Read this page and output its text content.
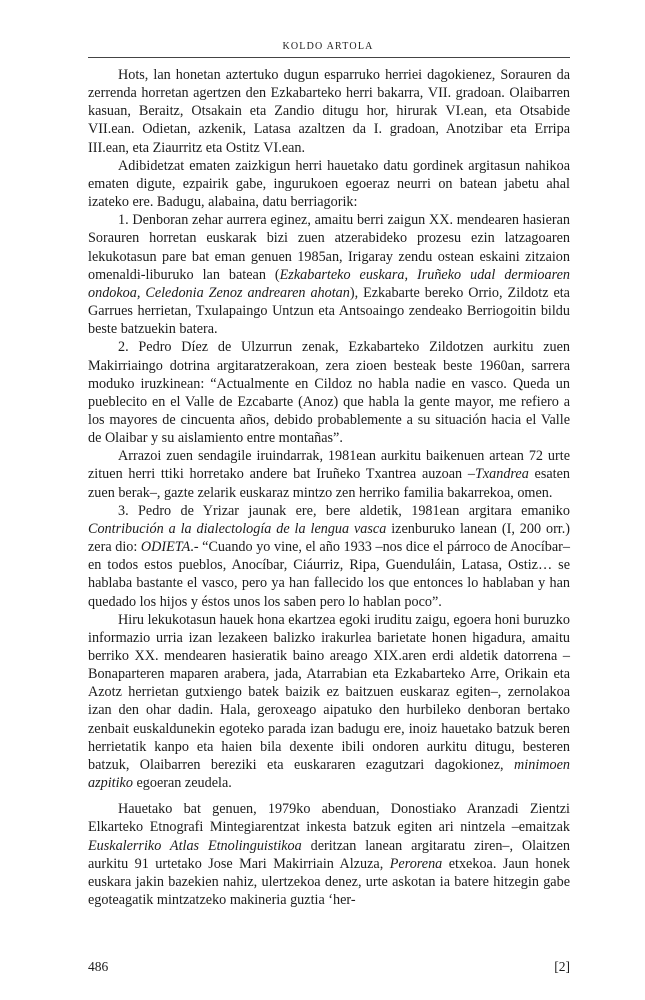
KOLDO ARTOLA

Hots, lan honetan aztertuko dugun esparruko herriei dagokienez, Sorauren da zerrenda horretan agertzen den Ezkabarteko herri bakarra, VII. gradoan. Olaibarren kasuan, Beraitz, Otsakain eta Zandio ditugu hor, hirurak VI.ean, eta Otsabide VII.ean. Odietan, azkenik, Latasa azaltzen da I. gradoan, Anotzibar eta Erripa III.ean, eta Ziaurritz eta Ostitz VI.ean.

Adibidetzat ematen zaizkigun herri hauetako datu gordinek argitasun nahikoa ematen digute, ezpairik gabe, ingurukoen egoeraz neurri on batean jabetu ahal izateko ere. Badugu, alabaina, datu berriagorik:

1. Denboran zehar aurrera eginez, amaitu berri zaigun XX. mendearen hasieran Sorauren horretan euskarak bizi zuen atzerabideko prozesu ezin latzagoaren lekukotasun pare bat eman genuen 1985an, Irigaray zendu ostean eskaini zitzaion omenaldi-liburuko lan batean (Ezkabarteko euskara, Iruñeko udal dermioaren ondokoa, Celedonia Zenoz andrearen ahotan), Ezkabarte bereko Orrio, Zildotz eta Garrues herrietan, Txulapaingo Untzun eta Antsoaingo zendeako Berriogoitin bildu beste batzuekin batera.

2. Pedro Díez de Ulzurrun zenak, Ezkabarteko Zildotzen aurkitu zuen Makirriaingo dotrina argitaratzerakoan, zera zioen besteak beste 1960an, sarrera moduko iruzkinean: “Actualmente en Cildoz no habla nadie en vasco. Queda un pueblecito en el Valle de Ezcabarte (Anoz) que habla la gente mayor, me refiero a los mayores de cincuenta años, debido probablemente a su situación hacia el Valle de Olaibar y su aislamiento entre montañas”.

Arrazoi zuen sendagile iruindarrak, 1981ean aurkitu baikenuen artean 72 urte zituen herri ttiki horretako andere bat Iruñeko Txantrea auzoan –Txandrea esaten zuen berak–, gazte zelarik euskaraz mintzo zen herriko familia bakarrekoa, omen.

3. Pedro de Yrizar jaunak ere, bere aldetik, 1981ean argitara emaniko Contribución a la dialectología de la lengua vasca izenburuko lanean (I, 200 orr.) zera dio: ODIETA.- “Cuando yo vine, el año 1933 –nos dice el párroco de Anocíbar– en todos estos pueblos, Anocíbar, Ciáurriz, Ripa, Guenduláin, Latasa, Ostiz… se hablaba bastante el vasco, pero ya han fallecido los que entonces lo hablaban y han quedado los hijos y éstos unos los saben pero lo hablan poco”.

Hiru lekukotasun hauek hona ekartzea egoki iruditu zaigu, egoera honi buruzko informazio urria izan lezakeen balizko irakurlea barietate honen higadura, amaitu berriko XX. mendearen hasieratik baino areago XIX.aren erdi aldetik datorrena –Bonaparteren maparen arabera, jada, Atarrabian eta Ezkabarteko Arre, Orikain eta Azotz herrietan gutxiengo batek baizik ez baitzuen euskaraz egiten–, zernolakoa izan den ohar dadin. Hala, geroxeago aipatuko den hurbileko denboran bertako zenbait euskaldunekin egoteko parada izan badugu ere, inoiz hauetako batzuk beren herrietatik kanpo eta haien bila dexente ibili ondoren aurkitu ditugu, besteren batzuk, Olaibarren bereziki eta euskararen ezagutzari dagokionez, minimoen azpitiko egoeran zeudela.

Hauetako bat genuen, 1979ko abenduan, Donostiako Aranzadi Zientzi Elkarteko Etnografi Mintegiarentzat inkesta batzuk egiten ari nintzela –emaitzak Euskalerriko Atlas Etnolinguistikoa deritzan lanean argitaratu ziren–, Olaitzen aurkitu 91 urtetako Jose Mari Makirriain Alzuza, Perorena etxekoa. Jaun honek euskara jakin bazekien nahiz, ulertzekoa denez, urte askotan ia batere hitzegin gabe egoteagatik mintzatzeko makineria guztia ‘her-

486	[2]
